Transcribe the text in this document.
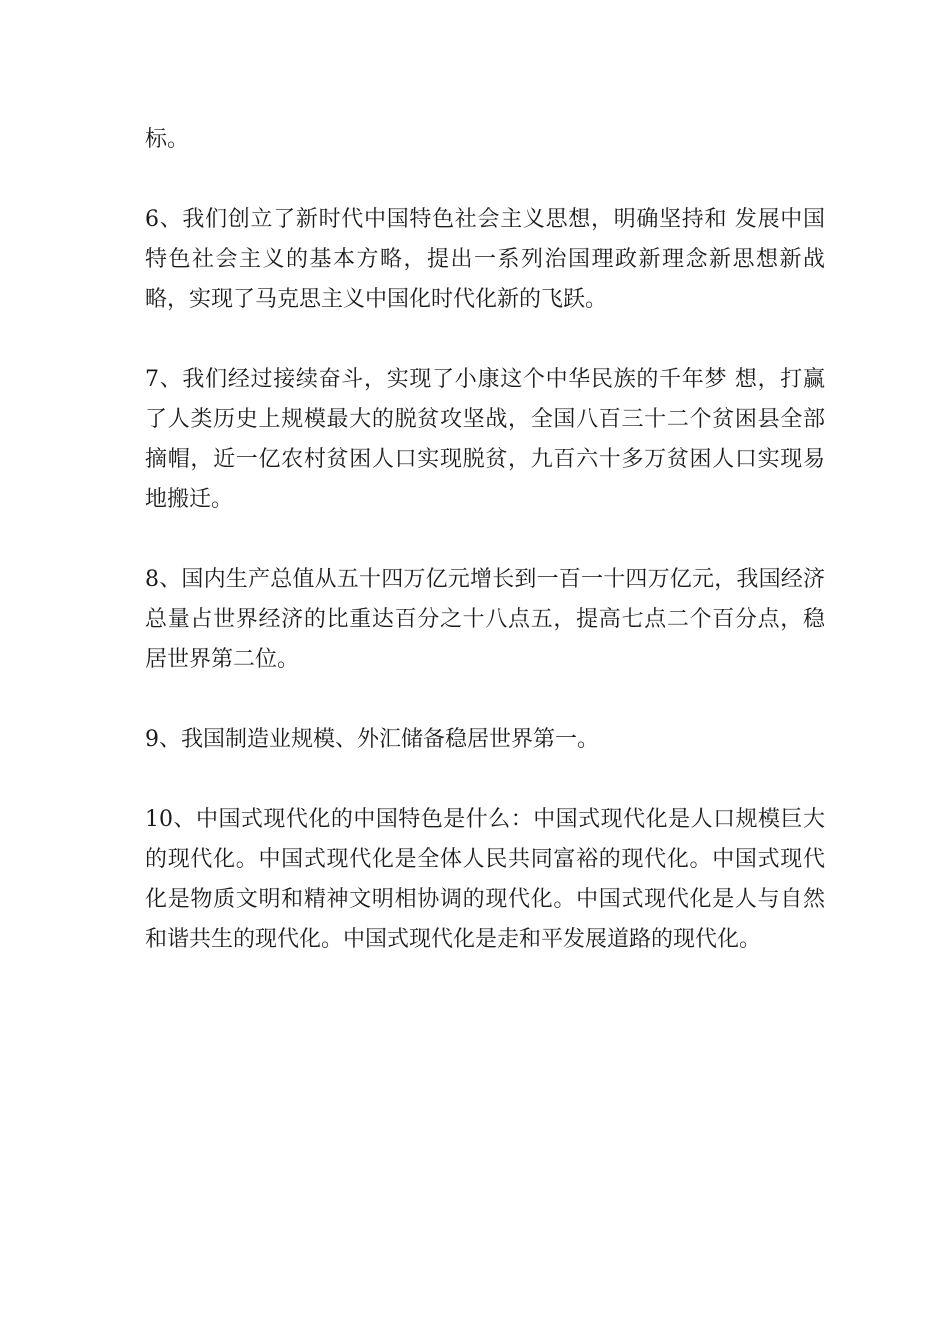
标。

6、我们创立了新时代中国特色社会主义思想，明确坚持和 发展中国特色社会主义的基本方略，提出一系列治国理政新理念新思想新战略，实现了马克思主义中国化时代化新的飞跃。

7、我们经过接续奋斗，实现了小康这个中华民族的千年梦 想，打赢了人类历史上规模最大的脱贫攻坚战，全国八百三十二个贫困县全部摘帽，近一亿农村贫困人口实现脱贫，九百六十多万贫困人口实现易地搬迁。

8、国内生产总值从五十四万亿元增长到一百一十四万亿元，我国经济总量占世界经济的比重达百分之十八点五，提高七点二个百分点，稳居世界第二位。

9、我国制造业规模、外汇储备稳居世界第一。

10、中国式现代化的中国特色是什么：中国式现代化是人口规模巨大的现代化。中国式现代化是全体人民共同富裕的现代化。中国式现代化是物质文明和精神文明相协调的现代化。中国式现代化是人与自然和谐共生的现代化。中国式现代化是走和平发展道路的现代化。
